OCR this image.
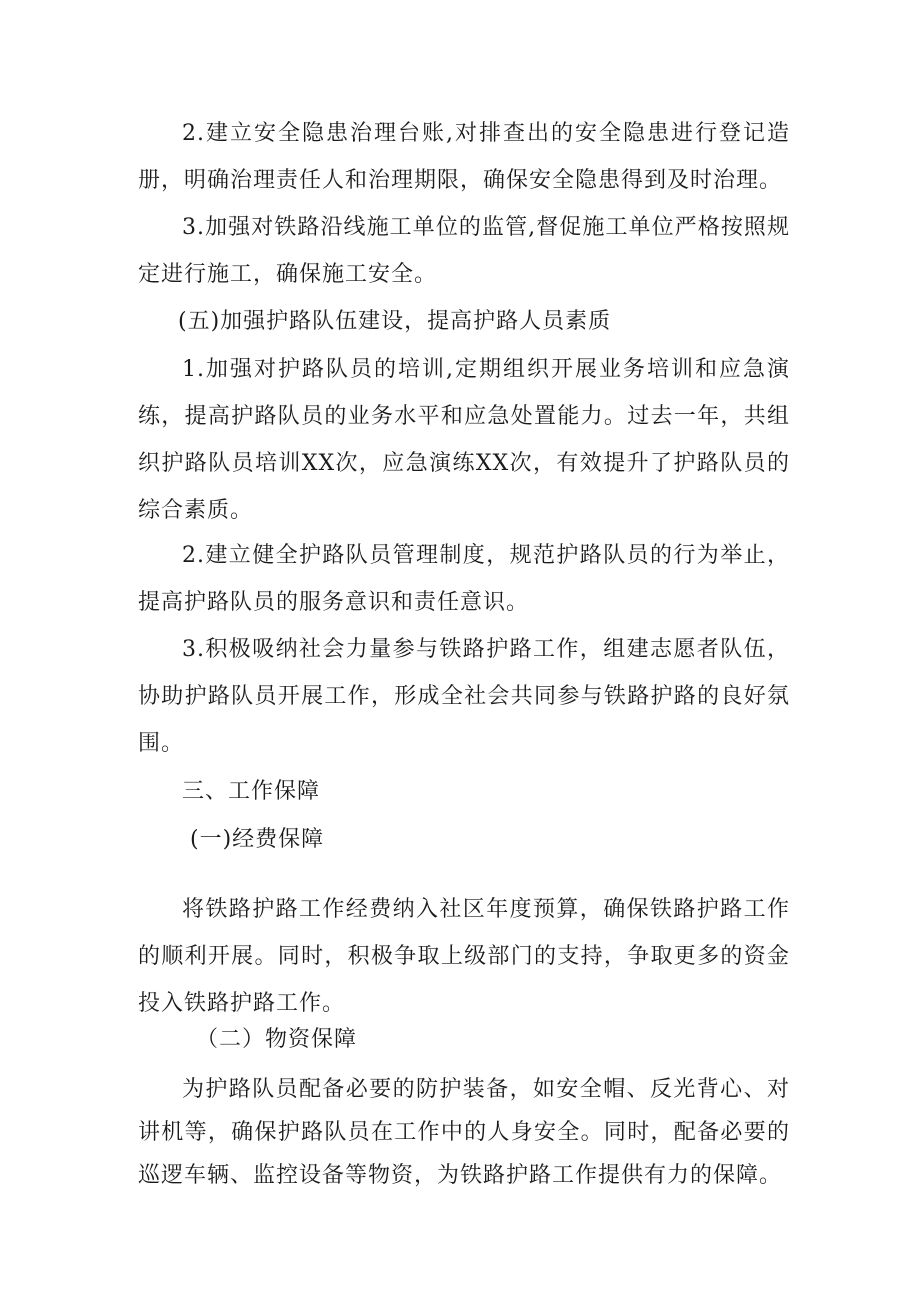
2.建立安全隐患治理台账,对排查出的安全隐患进行登记造册，明确治理责任人和治理期限，确保安全隐患得到及时治理。

3.加强对铁路沿线施工单位的监管,督促施工单位严格按照规定进行施工，确保施工安全。

(五)加强护路队伍建设，提高护路人员素质

1.加强对护路队员的培训,定期组织开展业务培训和应急演练，提高护路队员的业务水平和应急处置能力。过去一年，共组织护路队员培训XX次，应急演练XX次，有效提升了护路队员的综合素质。

2.建立健全护路队员管理制度，规范护路队员的行为举止，提高护路队员的服务意识和责任意识。

3.积极吸纳社会力量参与铁路护路工作，组建志愿者队伍，协助护路队员开展工作，形成全社会共同参与铁路护路的良好氛围。

三、工作保障

(一)经费保障

将铁路护路工作经费纳入社区年度预算，确保铁路护路工作的顺利开展。同时，积极争取上级部门的支持，争取更多的资金投入铁路护路工作。

（二）物资保障

为护路队员配备必要的防护装备，如安全帽、反光背心、对讲机等，确保护路队员在工作中的人身安全。同时，配备必要的巡逻车辆、监控设备等物资，为铁路护路工作提供有力的保障。
